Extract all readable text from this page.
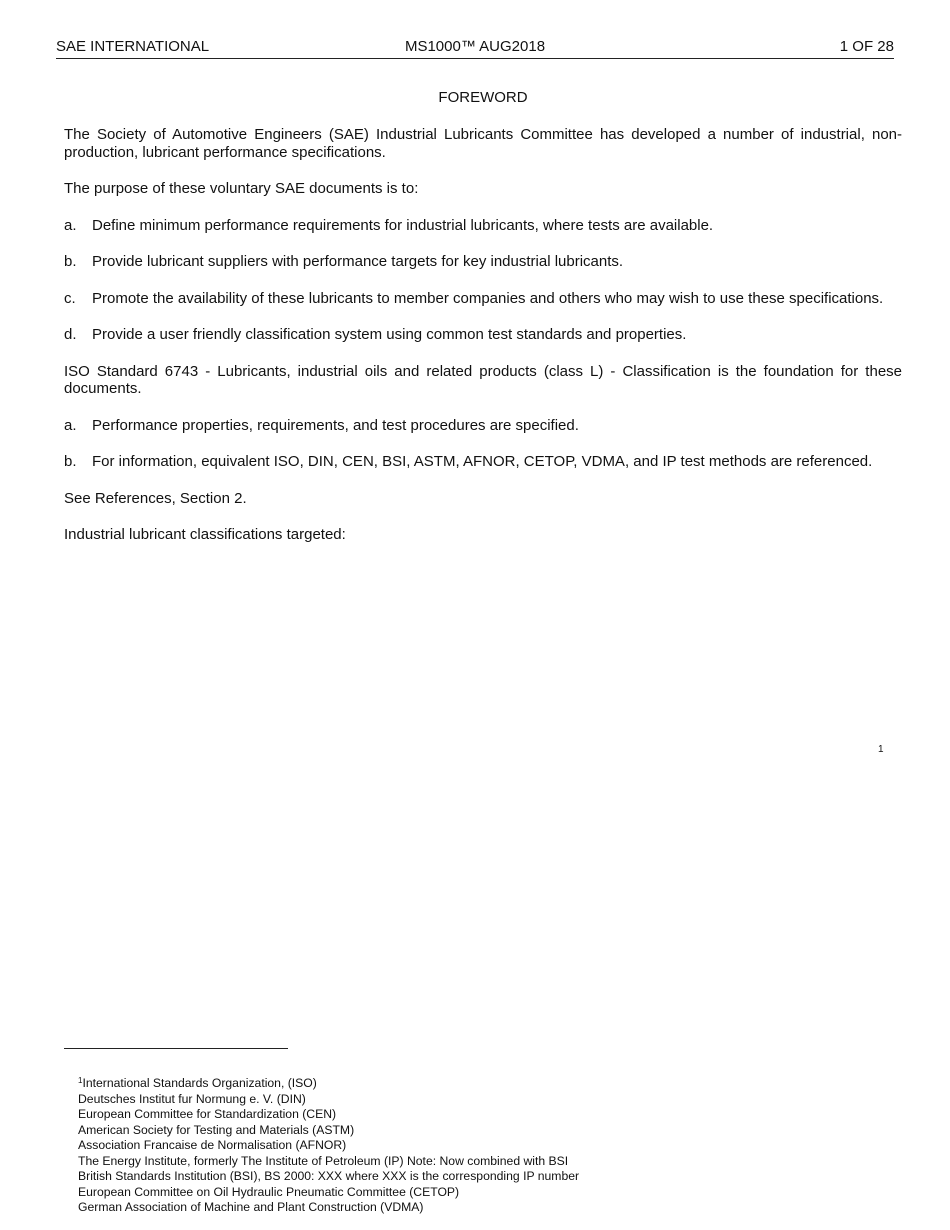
SAE INTERNATIONAL	MS1000™ AUG2018	1 OF 28
FOREWORD

The Society of Automotive Engineers (SAE) Industrial Lubricants Committee has developed a number of industrial, non-production, lubricant performance specifications.

The purpose of these voluntary SAE documents is to:

a.	Define minimum performance requirements for industrial lubricants, where tests are available.
b.	Provide lubricant suppliers with performance targets for key industrial lubricants.
c.	Promote the availability of these lubricants to member companies and others who may wish to use these specifications.
d.	Provide a user friendly classification system using common test standards and properties.

ISO Standard 6743 - Lubricants, industrial oils and related products (class L) - Classification is the foundation for these documents.

a.	Performance properties, requirements, and test procedures are specified.
b.	For information, equivalent ISO, DIN, CEN, BSI, ASTM, AFNOR, CETOP, VDMA, and IP test methods are referenced.

See References, Section 2.

Industrial lubricant classifications targeted:

1
$^1$International Standards Organization, (ISO)
Deutsches Institut fur Normung e. V. (DIN)
European Committee for Standardization (CEN)
American Society for Testing and Materials (ASTM)
Association Francaise de Normalisation (AFNOR)
The Energy Institute, formerly The Institute of Petroleum (IP) Note: Now combined with BSI
British Standards Institution (BSI), BS 2000: XXX where XXX is the corresponding IP number
European Committee on Oil Hydraulic Pneumatic Committee (CETOP)
German Association of Machine and Plant Construction (VDMA)
